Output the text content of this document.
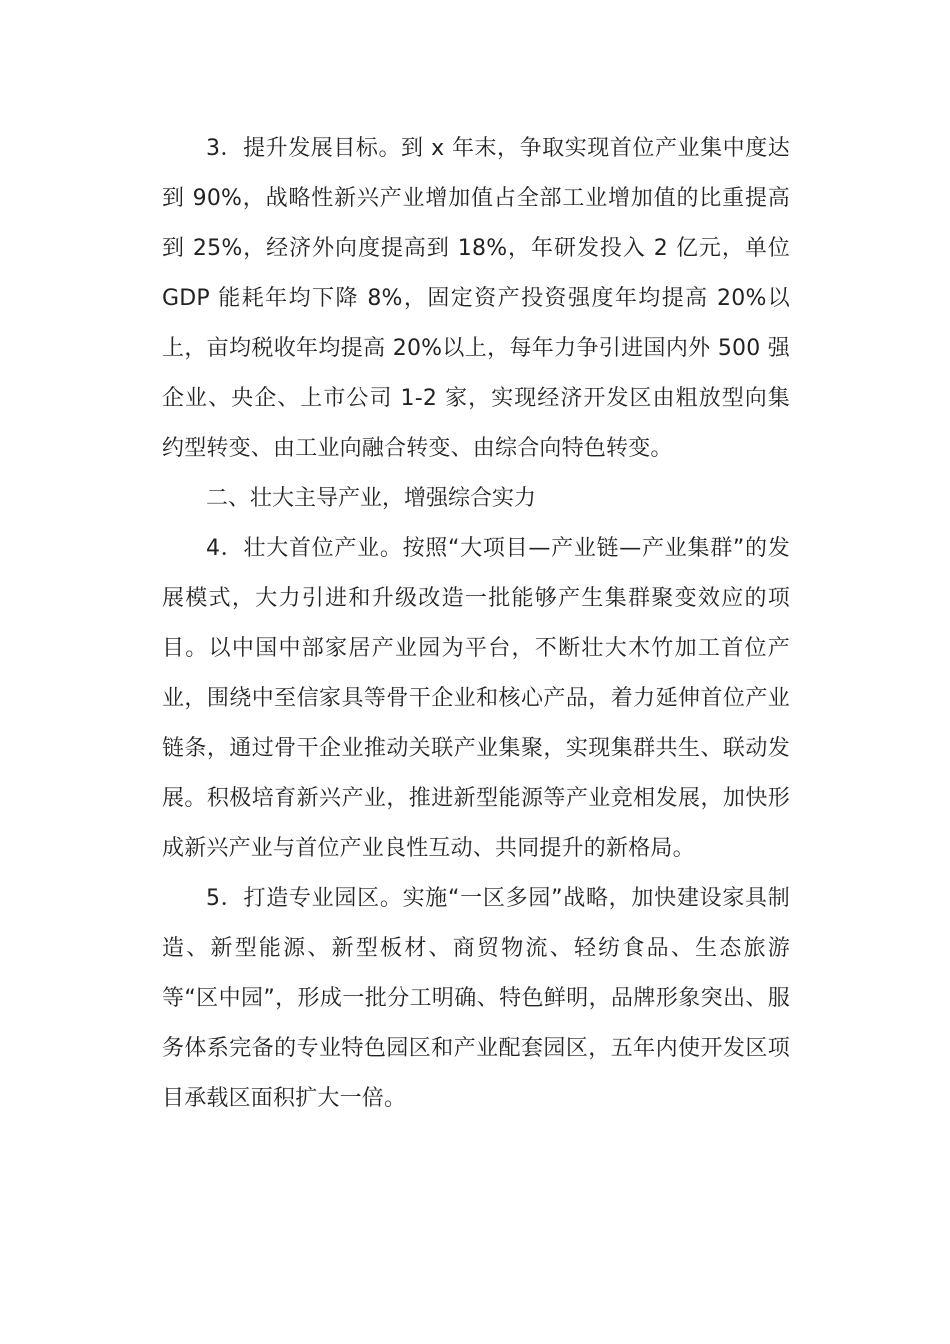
3．提升发展目标。到 x 年末，争取实现首位产业集中度达到 90%，战略性新兴产业增加值占全部工业增加值的比重提高到 25%，经济外向度提高到 18%，年研发投入 2 亿元，单位 GDP 能耗年均下降 8%，固定资产投资强度年均提高 20%以上，亩均税收年均提高 20%以上，每年力争引进国内外 500 强企业、央企、上市公司 1-2 家，实现经济开发区由粗放型向集约型转变、由工业向融合转变、由综合向特色转变。

二、壮大主导产业，增强综合实力

4．壮大首位产业。按照“大项目—产业链—产业集群”的发展模式，大力引进和升级改造一批能够产生集群聚变效应的项目。以中国中部家居产业园为平台，不断壮大木竹加工首位产业，围绕中至信家具等骨干企业和核心产品，着力延伸首位产业链条，通过骨干企业推动关联产业集聚，实现集群共生、联动发展。积极培育新兴产业，推进新型能源等产业竞相发展，加快形成新兴产业与首位产业良性互动、共同提升的新格局。

5．打造专业园区。实施“一区多园”战略，加快建设家具制造、新型能源、新型板材、商贸物流、轻纺食品、生态旅游等“区中园”，形成一批分工明确、特色鲜明，品牌形象突出、服务体系完备的专业特色园区和产业配套园区，五年内使开发区项目承载区面积扩大一倍。
